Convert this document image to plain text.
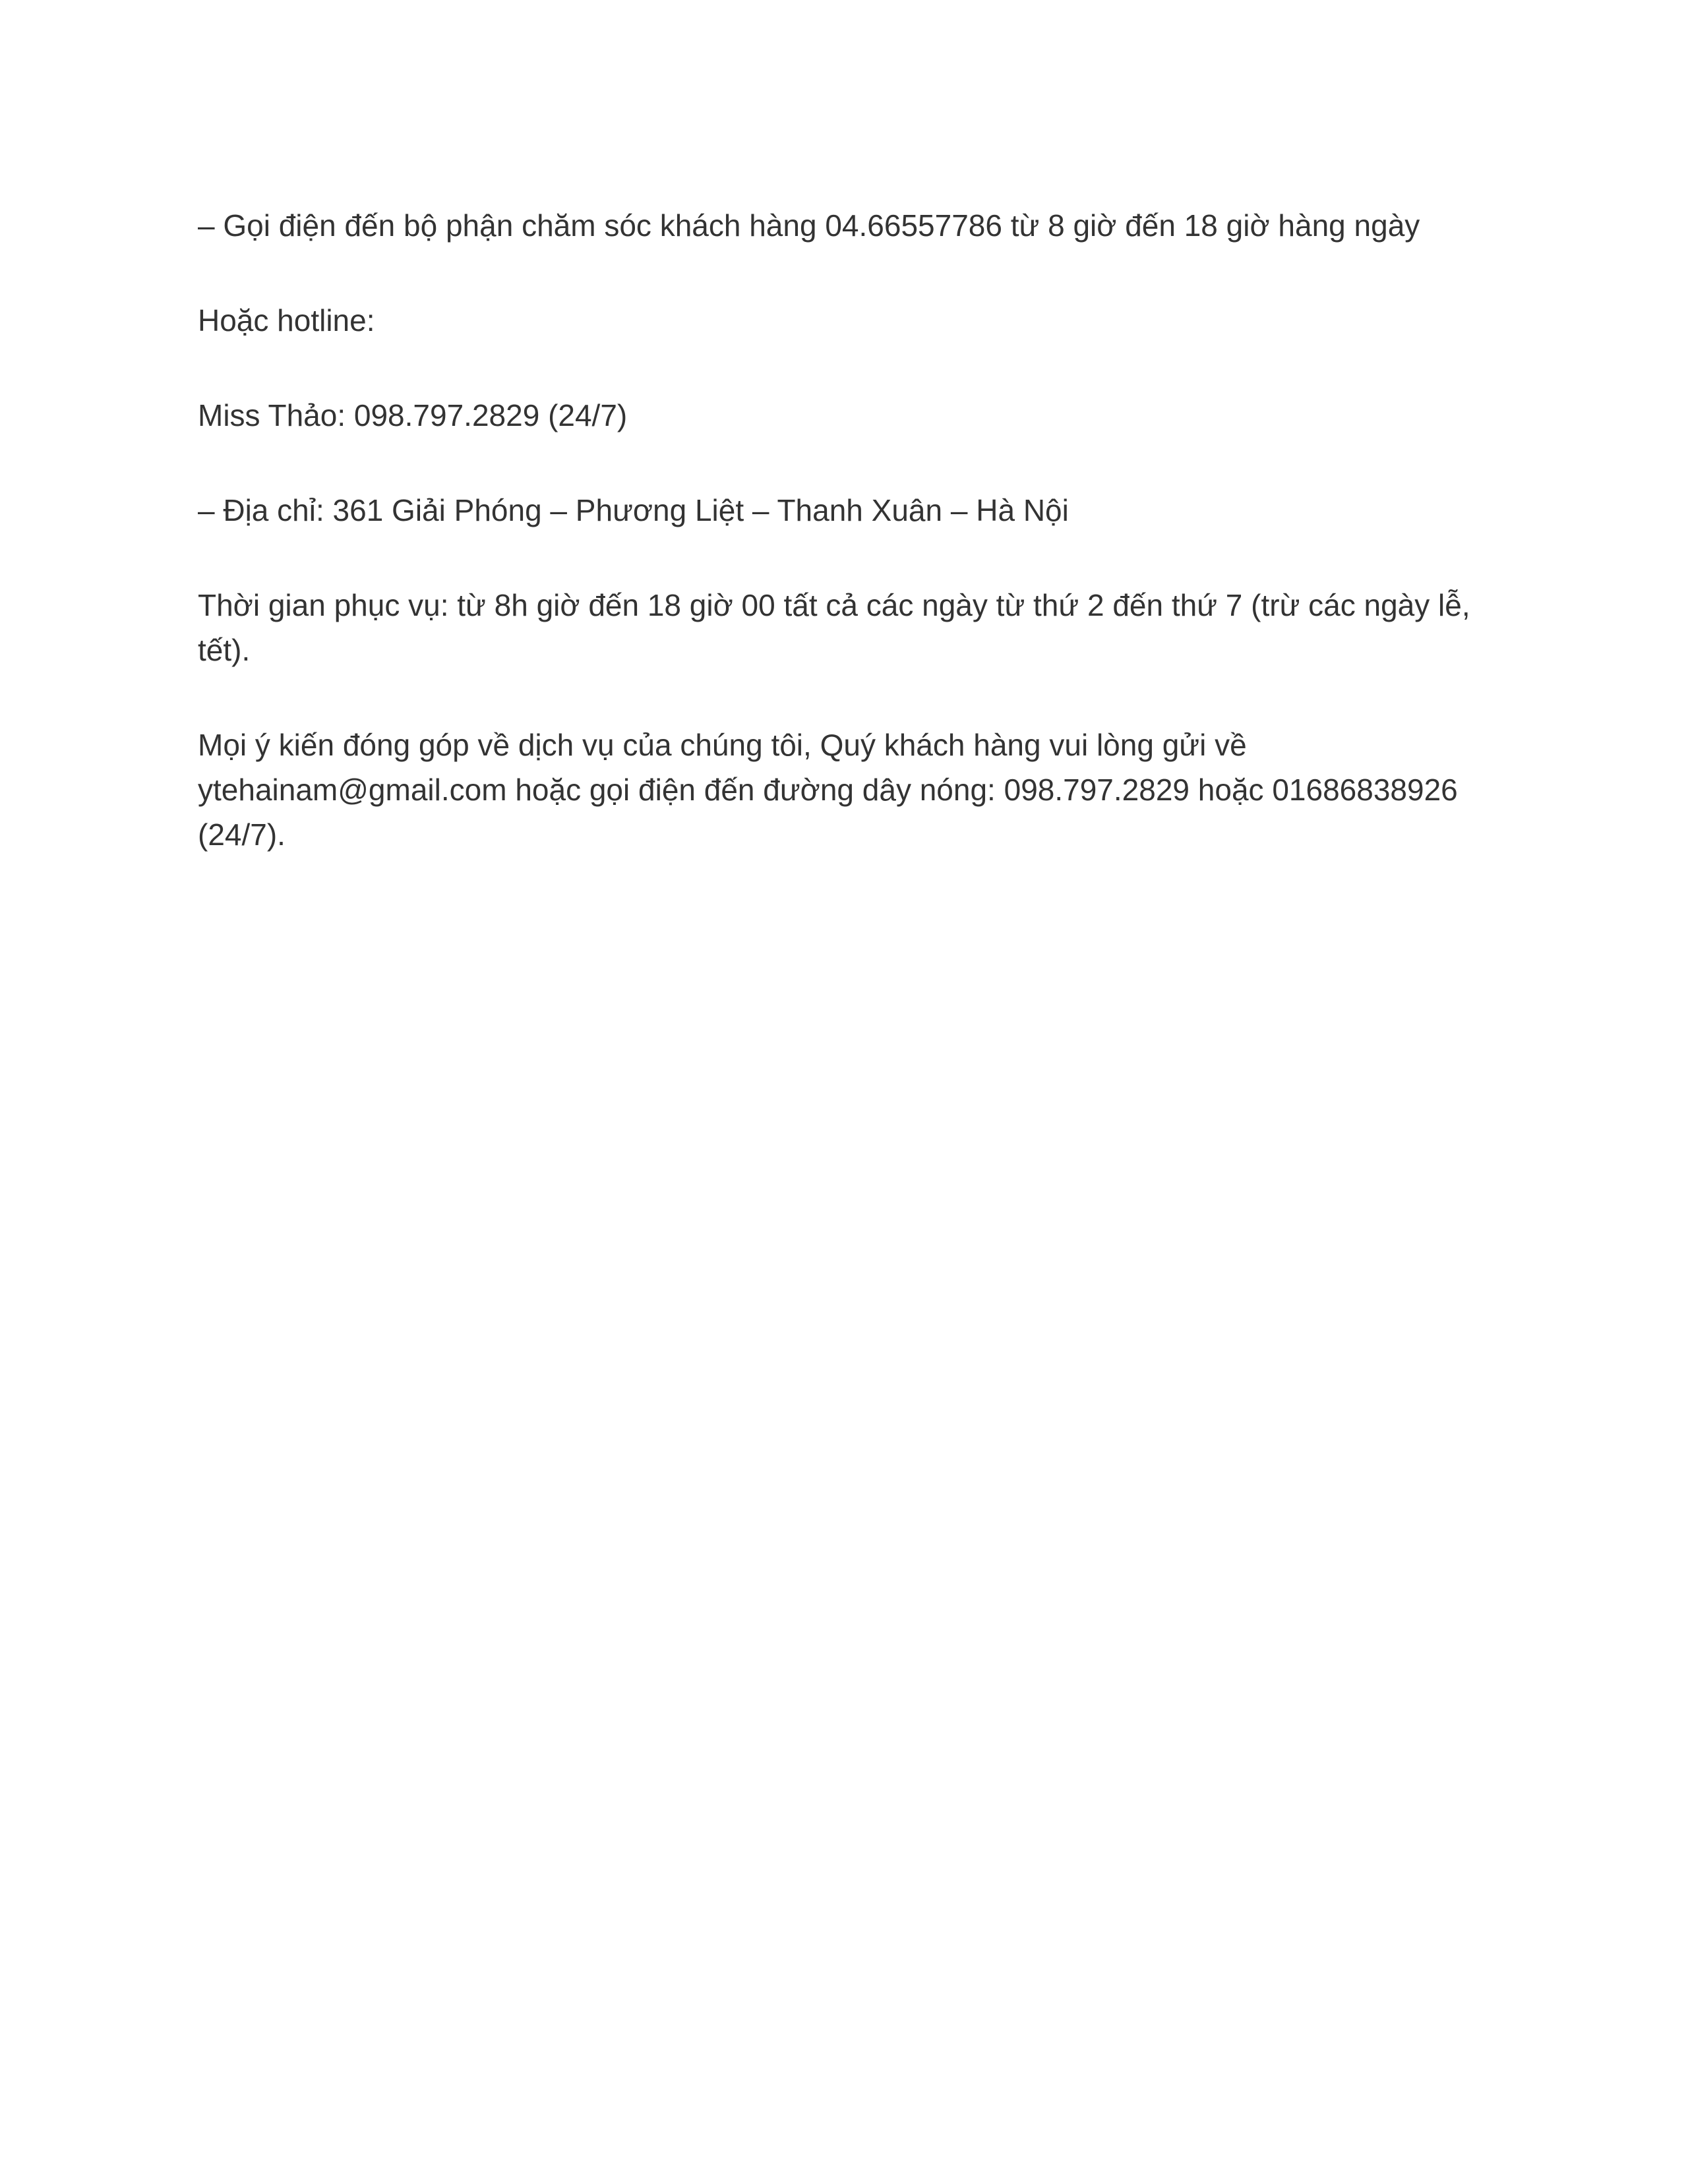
– Gọi điện đến bộ phận chăm sóc khách hàng 04.66557786 từ 8 giờ đến 18 giờ hàng ngày

Hoặc hotline:

Miss Thảo: 098.797.2829 (24/7)

– Địa chỉ: 361 Giải Phóng – Phương Liệt – Thanh Xuân – Hà Nội

Thời gian phục vụ: từ 8h giờ đến 18 giờ 00 tất cả các ngày từ thứ 2 đến thứ 7 (trừ các ngày lễ, tết).

Mọi ý kiến đóng góp về dịch vụ của chúng tôi, Quý khách hàng vui lòng gửi về ytehainam@gmail.com hoặc gọi điện đến đường dây nóng: 098.797.2829 hoặc 01686838926 (24/7).
